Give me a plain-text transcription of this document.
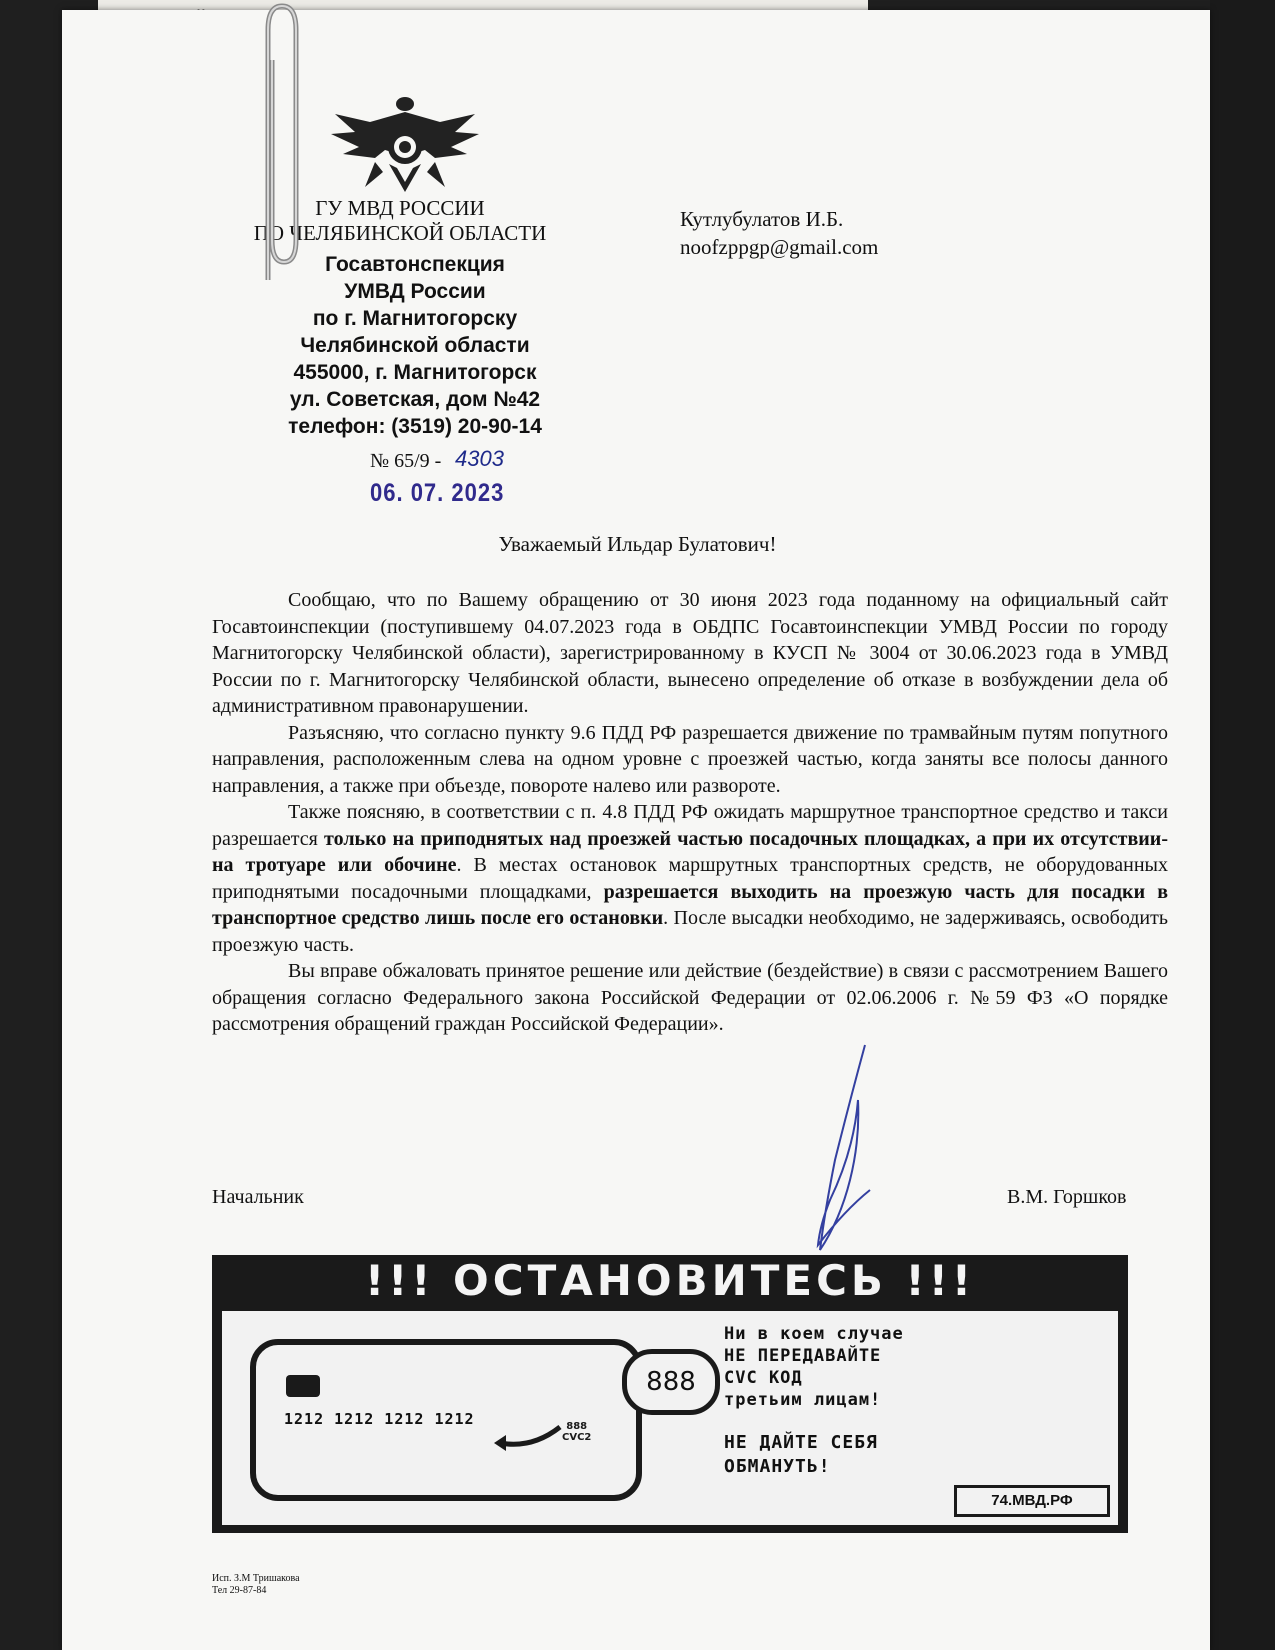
ГУ МВД РОССИИ
ПО ЧЕЛЯБИНСКОЙ ОБЛАСТИ
Госавтонспекция
УМВД России
по г. Магнитогорску
Челябинской области
455000, г. Магнитогорск
ул. Советская, дом №42
телефон: (3519) 20-90-14
№ 65/9 - 4303
06. 07. 2023
Кутлубулатов И.Б.
noofzppgp@gmail.com
Уважаемый Ильдар Булатович!

Сообщаю, что по Вашему обращению от 30 июня 2023 года поданному на официальный сайт Госавтоинспекции (поступившему 04.07.2023 года в ОБДПС Госавтоинспекции УМВД России по городу Магнитогорску Челябинской области), зарегистрированному в КУСП № 3004 от 30.06.2023 года в УМВД России по г. Магнитогорску Челябинской области, вынесено определение об отказе в возбуждении дела об административном правонарушении.

Разъясняю, что согласно пункту 9.6 ПДД РФ разрешается движение по трамвайным путям попутного направления, расположенным слева на одном уровне с проезжей частью, когда заняты все полосы данного направления, а также при объезде, повороте налево или развороте.

Также поясняю, в соответствии с п. 4.8 ПДД РФ ожидать маршрутное транспортное средство и такси разрешается только на приподнятых над проезжей частью посадочных площадках, а при их отсутствии- на тротуаре или обочине. В местах остановок маршрутных транспортных средств, не оборудованных приподнятыми посадочными площадками, разрешается выходить на проезжую часть для посадки в транспортное средство лишь после его остановки. После высадки необходимо, не задерживаясь, освободить проезжую часть.

Вы вправе обжаловать принятое решение или действие (бездействие) в связи с рассмотрением Вашего обращения согласно Федерального закона Российской Федерации от 02.06.2006 г. №59 ФЗ «О порядке рассмотрения обращений граждан Российской Федерации».

Начальник	В.М. Горшков
!!! ОСТАНОВИТЕСЬ !!!
1212 1212 1212 1212	888
CVC2
888
Ни в коем случае
НЕ ПЕРЕДАВАЙТЕ
CVC КОД
третьим лицам!
НЕ ДАЙТЕ СЕБЯ
ОБМАНУТЬ!
74.МВД.РФ
Исп. З.М Тришакова
Тел 29-87-84
